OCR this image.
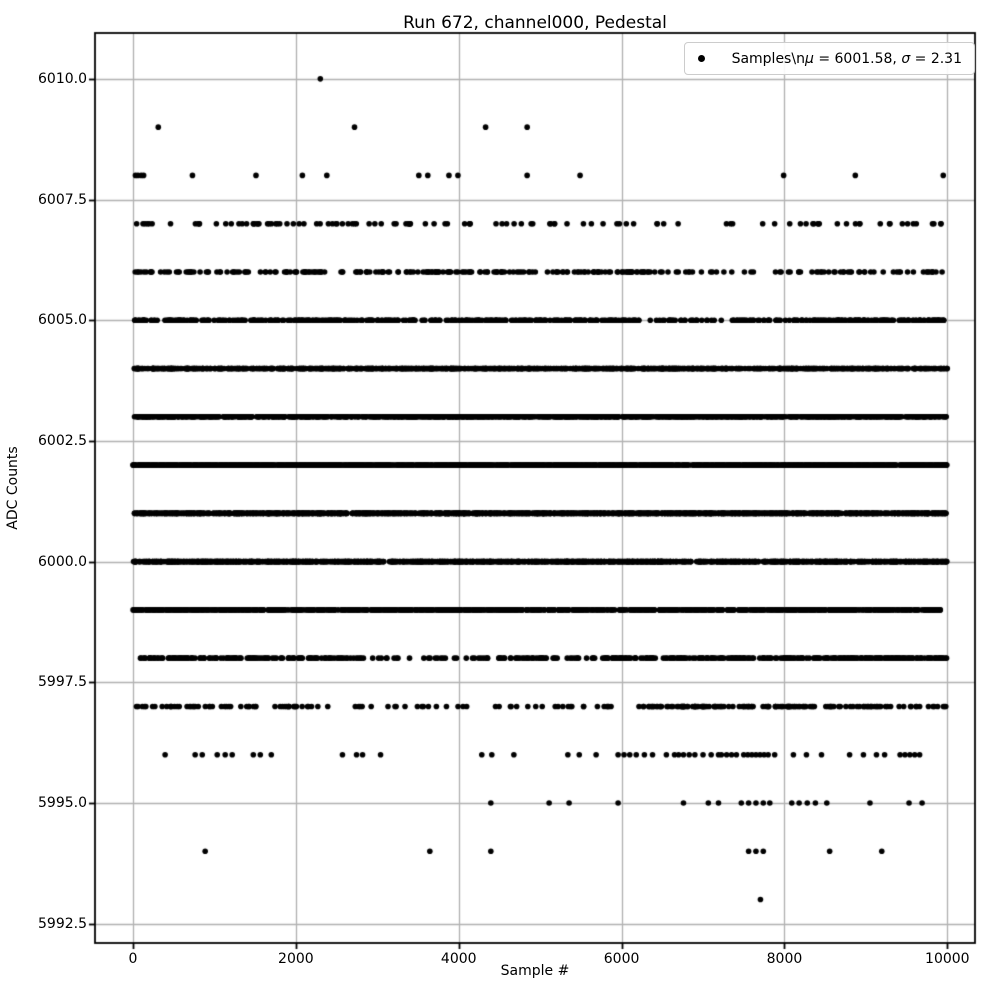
Run 672, channel000, Pedestal
0	2000	4000	6000	8000	10000
5992.5
5995.0
5997.5
6000.0
6002.5
6005.0
6007.5
6010.0
Sample #
ADC Counts
Samples\nμ = 6001.58, σ = 2.31
